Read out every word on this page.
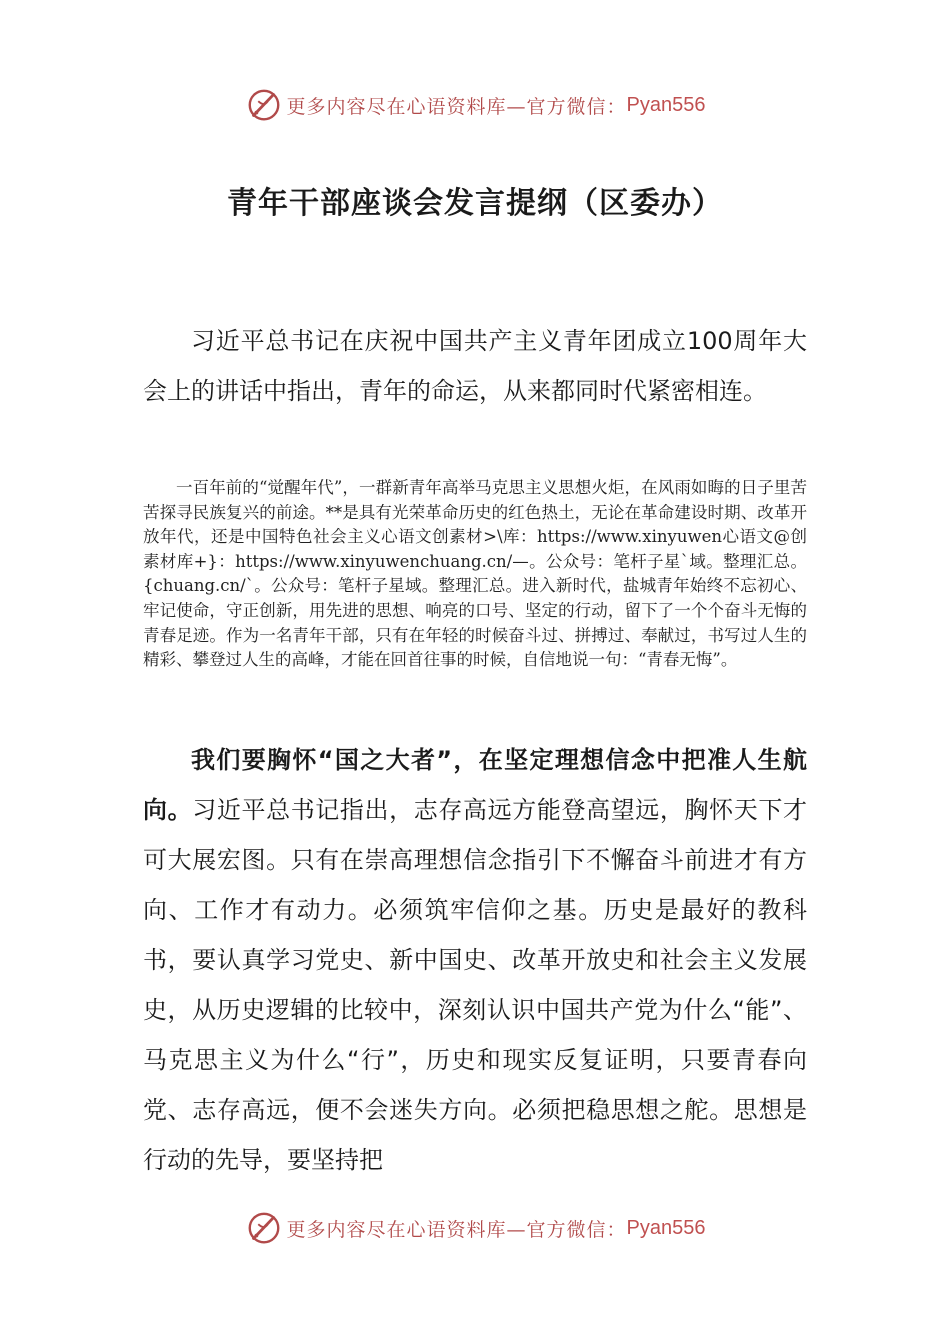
更多内容尽在心语资料库—官方微信： Pyan556
青年干部座谈会发言提纲（区委办）

习近平总书记在庆祝中国共产主义青年团成立100周年大会上的讲话中指出，青年的命运，从来都同时代紧密相连。

一百年前的“觉醒年代”，一群新青年高举马克思主义思想火炬，在风雨如晦的日子里苦苦探寻民族复兴的前途。**是具有光荣革命历史的红色热土，无论在革命建设时期、改革开放年代，还是中国特色社会主义心语文创素材>\库：https://www.xinyuwen心语文@创素材库+}：https://www.xinyuwenchuang.cn/—。公众号：笔杆子星`域。整理汇总。{chuang.cn/`。公众号：笔杆子星域。整理汇总。进入新时代，盐城青年始终不忘初心、牢记使命，守正创新，用先进的思想、响亮的口号、坚定的行动，留下了一个个奋斗无悔的青春足迹。作为一名青年干部，只有在年轻的时候奋斗过、拼搏过、奉献过，书写过人生的精彩、攀登过人生的高峰，才能在回首往事的时候，自信地说一句：“青春无悔”。

我们要胸怀“国之大者”，在坚定理想信念中把准人生航向。习近平总书记指出，志存高远方能登高望远，胸怀天下才可大展宏图。只有在崇高理想信念指引下不懈奋斗前进才有方向、工作才有动力。必须筑牢信仰之基。历史是最好的教科书，要认真学习党史、新中国史、改革开放史和社会主义发展史，从历史逻辑的比较中，深刻认识中国共产党为什么“能”、马克思主义为什么“行”，历史和现实反复证明，只要青春向党、志存高远，便不会迷失方向。必须把稳思想之舵。思想是行动的先导，要坚持把

更多内容尽在心语资料库—官方微信： Pyan556
